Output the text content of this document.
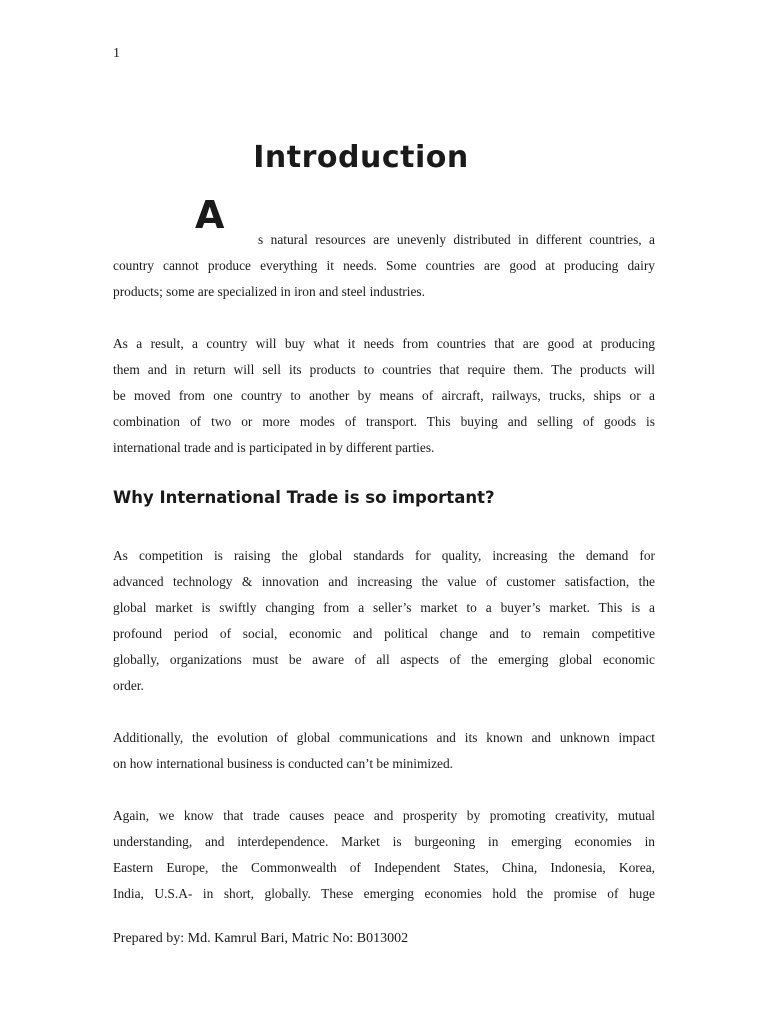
1
Introduction
A
s natural resources are unevenly distributed in different countries, a
country cannot produce everything it needs. Some countries are good at producing dairy
products; some are specialized in iron and steel industries.
As a result, a country will buy what it needs from countries that are good at producing
them and in return will sell its products to countries that require them. The products will
be moved from one country to another by means of aircraft, railways, trucks, ships or a
combination of two or more modes of transport. This buying and selling of goods is
international trade and is participated in by different parties.
Why International Trade is so important?
As competition is raising the global standards for quality, increasing the demand for
advanced technology & innovation and increasing the value of customer satisfaction, the
global market is swiftly changing from a seller’s market to a buyer’s market. This is a
profound period of social, economic and political change and to remain competitive
globally, organizations must be aware of all aspects of the emerging global economic
order.
Additionally, the evolution of global communications and its known and unknown impact
on how international business is conducted can’t be minimized.
Again, we know that trade causes peace and prosperity by promoting creativity, mutual
understanding, and interdependence. Market is burgeoning in emerging economies in
Eastern Europe, the Commonwealth of Independent States, China, Indonesia, Korea,
India, U.S.A- in short, globally. These emerging economies hold the promise of huge
Prepared by: Md. Kamrul Bari, Matric No: B013002
